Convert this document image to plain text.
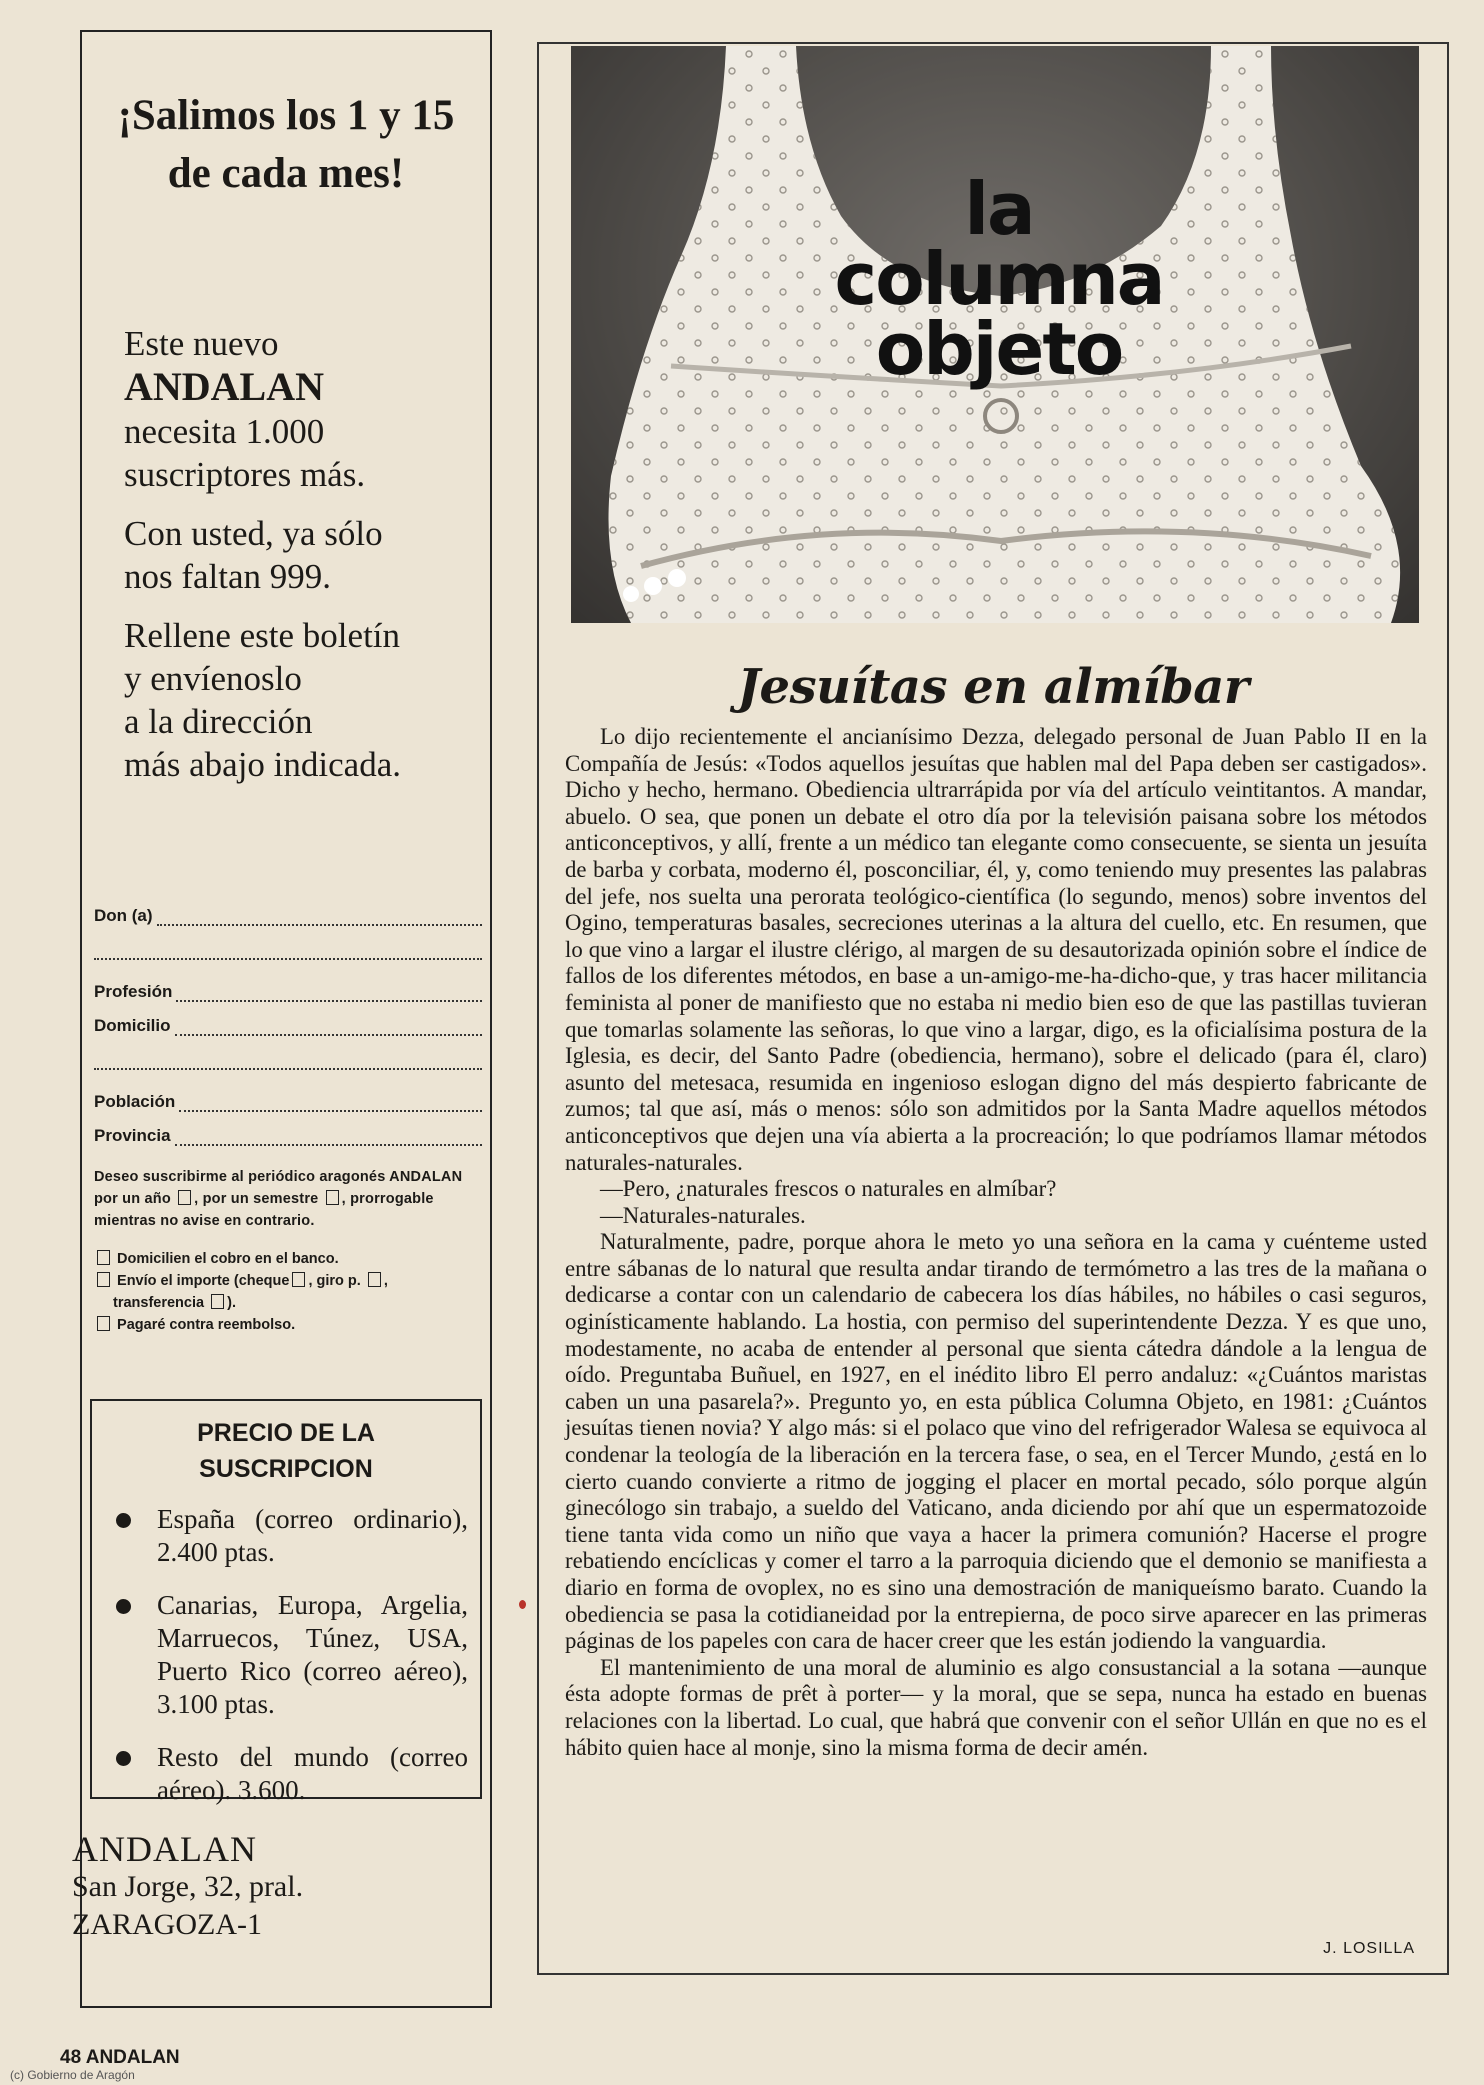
¡Salimos los 1 y 15
de cada mes!

Este nuevo
ANDALAN
necesita 1.000
suscriptores más.

Con usted, ya sólo
nos faltan 999.

Rellene este boletín
y envíenoslo
a la dirección
más abajo indicada.

Don (a)
Profesión
Domicilio
Población
Provincia
Deseo suscribirme al periódico aragonés ANDALAN por un año , por un semestre , prorrogable mientras no avise en contrario.
Domicilien el cobro en el banco.
Envío el importe (cheque , giro p. ,
transferencia ).
Pagaré contra reembolso.
PRECIO DE LA
SUSCRIPCION
España (correo ordinario), 2.400 ptas.
Canarias, Europa, Argelia, Marruecos, Túnez, USA, Puerto Rico (correo aéreo), 3.100 ptas.
Resto del mundo (correo aéreo). 3.600.
ANDALAN
San Jorge, 32, pral.
ZARAGOZA-1
la
columna
objeto
Jesuítas en almíbar

Lo dijo recientemente el ancianísimo Dezza, delegado personal de Juan Pablo II en la Compañía de Jesús: «Todos aquellos jesuítas que hablen mal del Papa deben ser castigados». Dicho y hecho, hermano. Obediencia ultrarrápida por vía del artículo veintitantos. A mandar, abuelo. O sea, que ponen un debate el otro día por la televisión paisana sobre los métodos anticonceptivos, y allí, frente a un médico tan elegante como consecuente, se sienta un jesuíta de barba y corbata, moderno él, posconciliar, él, y, como teniendo muy presentes las palabras del jefe, nos suelta una perorata teológico-científica (lo segundo, menos) sobre inventos del Ogino, temperaturas basales, secreciones uterinas a la altura del cuello, etc. En resumen, que lo que vino a largar el ilustre clérigo, al margen de su desautorizada opinión sobre el índice de fallos de los diferentes métodos, en base a un-amigo-me-ha-dicho-que, y tras hacer militancia feminista al poner de manifiesto que no estaba ni medio bien eso de que las pastillas tuvieran que tomarlas solamente las señoras, lo que vino a largar, digo, es la oficialísima postura de la Iglesia, es decir, del Santo Padre (obediencia, hermano), sobre el delicado (para él, claro) asunto del metesaca, resumida en ingenioso eslogan digno del más despierto fabricante de zumos; tal que así, más o menos: sólo son admitidos por la Santa Madre aquellos métodos anticonceptivos que dejen una vía abierta a la procreación; lo que podríamos llamar métodos naturales-naturales.

—Pero, ¿naturales frescos o naturales en almíbar?

—Naturales-naturales.

Naturalmente, padre, porque ahora le meto yo una señora en la cama y cuénteme usted entre sábanas de lo natural que resulta andar tirando de termómetro a las tres de la mañana o dedicarse a contar con un calendario de cabecera los días hábiles, no hábiles o casi seguros, oginísticamente hablando. La hostia, con permiso del superintendente Dezza. Y es que uno, modestamente, no acaba de entender al personal que sienta cátedra dándole a la lengua de oído. Preguntaba Buñuel, en 1927, en el inédito libro El perro andaluz: «¿Cuántos maristas caben un una pasarela?». Pregunto yo, en esta pública Columna Objeto, en 1981: ¿Cuántos jesuítas tienen novia? Y algo más: si el polaco que vino del refrigerador Walesa se equivoca al condenar la teología de la liberación en la tercera fase, o sea, en el Tercer Mundo, ¿está en lo cierto cuando convierte a ritmo de jogging el placer en mortal pecado, sólo porque algún ginecólogo sin trabajo, a sueldo del Vaticano, anda diciendo por ahí que un espermatozoide tiene tanta vida como un niño que vaya a hacer la primera comunión? Hacerse el progre rebatiendo encíclicas y comer el tarro a la parroquia diciendo que el demonio se manifiesta a diario en forma de ovoplex, no es sino una demostración de maniqueísmo barato. Cuando la obediencia se pasa la cotidianeidad por la entrepierna, de poco sirve aparecer en las primeras páginas de los papeles con cara de hacer creer que les están jodiendo la vanguardia.

El mantenimiento de una moral de aluminio es algo consustancial a la sotana —aunque ésta adopte formas de prêt à porter— y la moral, que se sepa, nunca ha estado en buenas relaciones con la libertad. Lo cual, que habrá que convenir con el señor Ullán en que no es el hábito quien hace al monje, sino la misma forma de decir amén.

J. LOSILLA
48 ANDALAN
(c) Gobierno de Aragón
